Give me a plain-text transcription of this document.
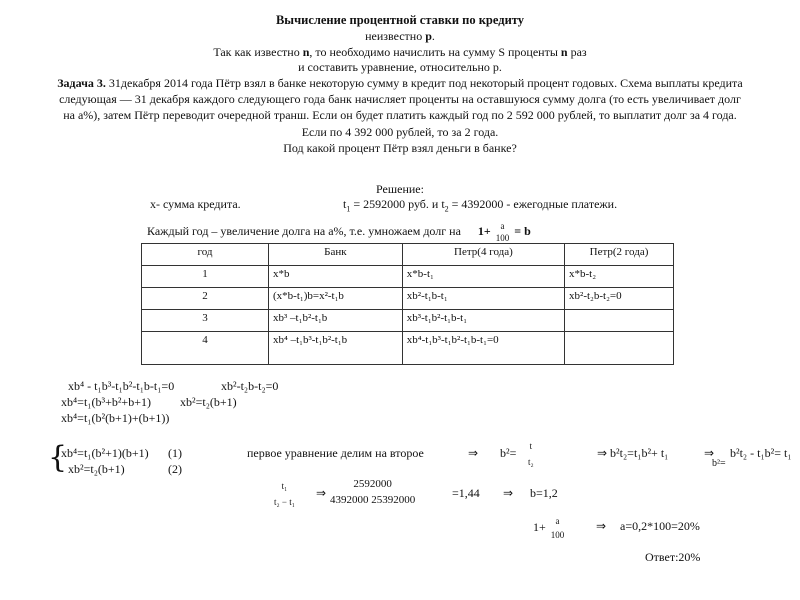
Вычисление процентной ставки по кредиту
неизвестно p.
Так как известно n, то необходимо начислить на сумму S проценты n раз
и составить уравнение, относительно p.
Задача 3. 31декабря 2014 года Пётр взял в банке некоторую сумму в кредит под некоторый процент годовых. Схема выплаты кредита следующая — 31 декабря каждого следующего года банк начисляет проценты на оставшуюся сумму долга (то есть увеличивает долг на a%), затем Пётр переводит очередной транш. Если он будет платить каждый год по 2 592 000 рублей, то выплатит долг за 4 года. Если по 4 392 000 рублей, то за 2 года.
Под какой процент Пётр взял деньги в банке?
Решение:
x- сумма кредита.	$t_1 = 2592000$ руб. и $t_2 = 4392000$ - ежегодные платежи.
Каждый год – увеличение долга на a%, т.е. умножаем долг на 1+	a
100
= b
год	Банк	Петр(4 года)	Петр(2 года)
1	x*b	x*b-t₁	x*b-t₂
2	(x*b-t₁)b=x²-t₁b	xb²-t₁b-t₁	xb²-t₂b-t₂=0
3	xb³ –t₁b²-t₁b	xb³-t₁b²-t₁b-t₁	
4	xb⁴ –t₁b³-t₁b²-t₁b	xb⁴-t₁b³-t₁b²-t₁b-t₁=0	
xb⁴ - t₁b³-t₁b²-t₁b-t₁=0	xb²-t₂b-t₂=0
xb⁴=t₁(b³+b²+b+1) xb²=t₂(b+1)
xb⁴=t₁(b²(b+1)+(b+1))
{
xb⁴=t₁(b²+1)(b+1) (1)
xb²=t₂(b+1)	(2)
первое уравнение делим на второе	⇒ b²= t
t₂
⇒ b²t₂=t₁b²+ t₁	⇒ b²t₂ - t₁b²= t₁
b²=
t₁
t₂ − t₁
⇒
2592000
4392000 25392000	=1,44 ⇒ b=1,2
1+	a
100
⇒ a=0,2*100=20%
Ответ:20%
